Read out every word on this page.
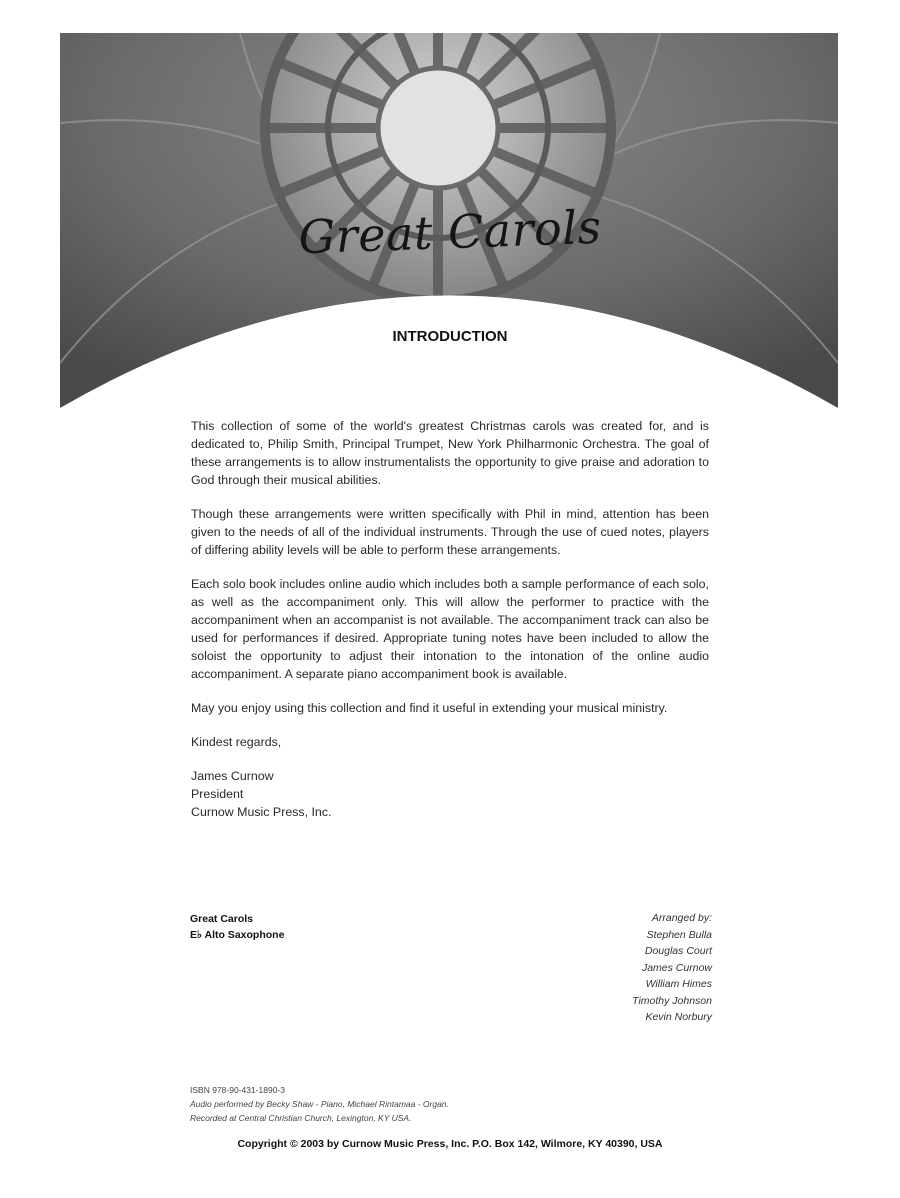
Great Carols
INTRODUCTION

This collection of some of the world's greatest Christmas carols was created for, and is dedicated to, Philip Smith, Principal Trumpet, New York Philharmonic Orchestra. The goal of these arrangements is to allow instrumentalists the opportunity to give praise and adoration to God through their musical abilities.

Though these arrangements were written specifically with Phil in mind, attention has been given to the needs of all of the individual instruments. Through the use of cued notes, players of differing ability levels will be able to perform these arrangements.

Each solo book includes online audio which includes both a sample performance of each solo, as well as the accompaniment only. This will allow the performer to practice with the accompaniment when an accompanist is not available. The accompaniment track can also be used for performances if desired. Appropriate tuning notes have been included to allow the soloist the opportunity to adjust their intonation to the intonation of the online audio accompaniment. A separate piano accompaniment book is available.

May you enjoy using this collection and find it useful in extending your musical ministry.

Kindest regards,

James Curnow
President
Curnow Music Press, Inc.
Great Carols
E♭ Alto Saxophone
Arranged by:
Stephen Bulla
Douglas Court
James Curnow
William Himes
Timothy Johnson
Kevin Norbury
ISBN 978-90-431-1890-3
Audio performed by Becky Shaw - Piano, Michael Rintamaa - Organ.
Recorded at Central Christian Church, Lexington, KY USA.
Copyright © 2003 by Curnow Music Press, Inc. P.O. Box 142, Wilmore, KY 40390, USA
